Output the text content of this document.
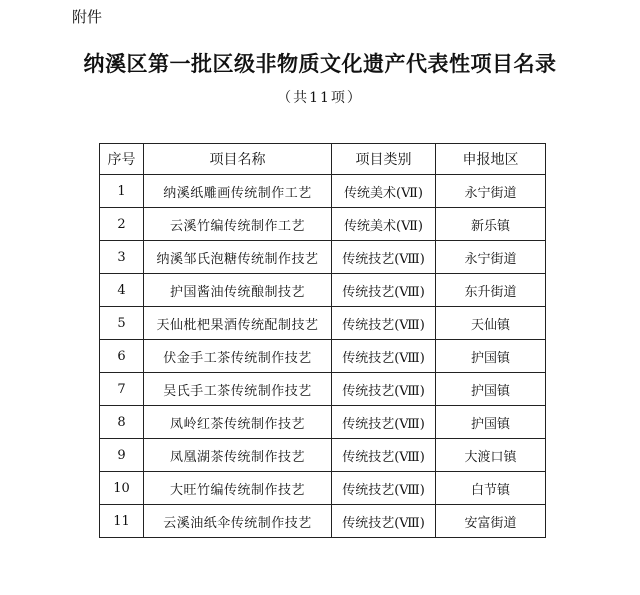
附件
纳溪区第一批区级非物质文化遗产代表性项目名录
（共11项）
序号	项目名称	项目类别	申报地区
1	纳溪纸雕画传统制作工艺	传统美术(Ⅶ)	永宁街道
2	云溪竹编传统制作工艺	传统美术(Ⅶ)	新乐镇
3	纳溪邹氏泡糖传统制作技艺	传统技艺(Ⅷ)	永宁街道
4	护国酱油传统酿制技艺	传统技艺(Ⅷ)	东升街道
5	天仙枇杷果酒传统配制技艺	传统技艺(Ⅷ)	天仙镇
6	伏金手工茶传统制作技艺	传统技艺(Ⅷ)	护国镇
7	吴氏手工茶传统制作技艺	传统技艺(Ⅷ)	护国镇
8	凤岭红茶传统制作技艺	传统技艺(Ⅷ)	护国镇
9	凤凰湖茶传统制作技艺	传统技艺(Ⅷ)	大渡口镇
10	大旺竹编传统制作技艺	传统技艺(Ⅷ)	白节镇
11	云溪油纸伞传统制作技艺	传统技艺(Ⅷ)	安富街道
